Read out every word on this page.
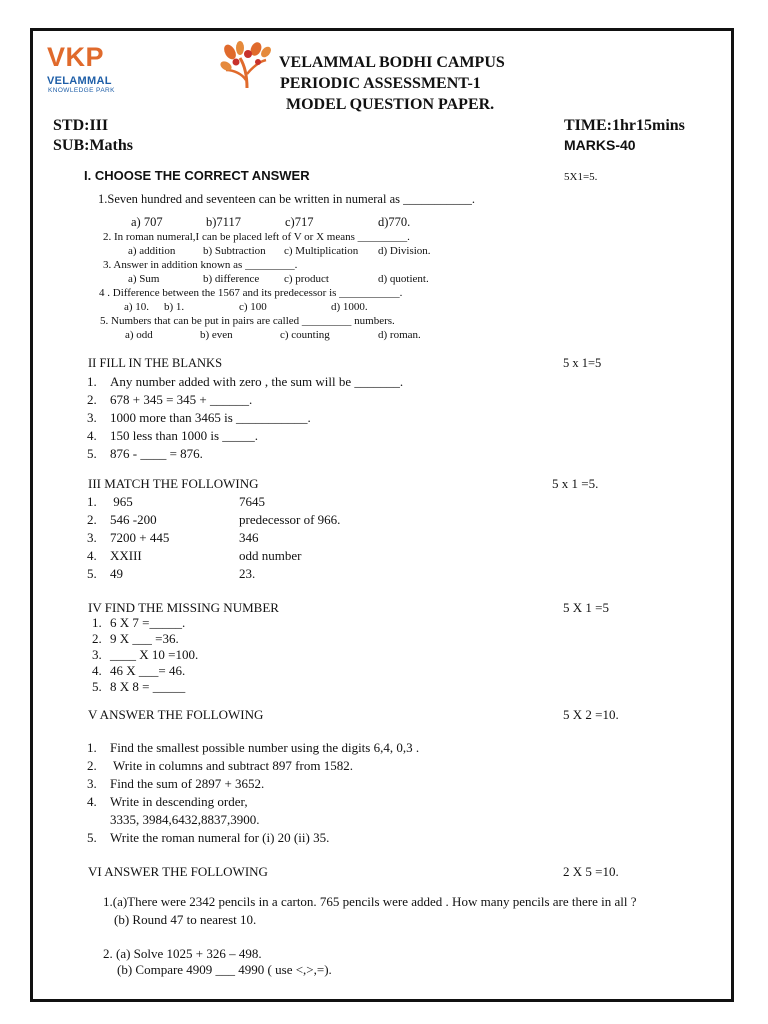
VKP
VELAMMAL
KNOWLEDGE PARK
VELAMMAL BODHI CAMPUS
PERIODIC ASSESSMENT-1
MODEL QUESTION PAPER.
STD:III
SUB:Maths
TIME:1hr15mins
MARKS-40
I. CHOOSE THE CORRECT ANSWER	5X1=5.
1.Seven hundred and seventeen can be written in numeral as ___________.
a) 707	b)7117	c)717	d)770.
2. In roman numeral,I can be placed left of V or X means _________.
a) addition	b) Subtraction c) Multiplication d) Division.
3. Answer in addition known as _________.
a) Sum	b) difference c) product	d) quotient.
4 . Difference between the 1567 and its predecessor is ___________.
a) 10. b) 1.	c) 100	d) 1000.
5. Numbers that can be put in pairs are called _________ numbers.
a) odd	b) even	c) counting	d) roman.
II FILL IN THE BLANKS	5 x 1=5
1. Any number added with zero , the sum will be _______.
2. 678 + 345 = 345 + ______.
3. 1000 more than 3465 is ___________.
4. 150 less than 1000 is _____.
5. 876 - ____ = 876.
III MATCH THE FOLLOWING	5 x 1 =5.
1. 965	7645
2. 546 -200	predecessor of 966.
3. 7200 + 445	346
4. XXIII	odd number
5. 49	23.
IV FIND THE MISSING NUMBER	5 X 1 =5
1. 6 X 7 =_____.
2. 9 X ___ =36.
3. ____ X 10 =100.
4. 46 X ___= 46.
5. 8 X 8 = _____
V ANSWER THE FOLLOWING	5 X 2 =10.
1. Find the smallest possible number using the digits 6,4, 0,3 .
2. Write in columns and subtract 897 from 1582.
3. Find the sum of 2897 + 3652.
4. Write in descending order,
3335, 3984,6432,8837,3900.
5. Write the roman numeral for (i) 20 (ii) 35.
VI ANSWER THE FOLLOWING	2 X 5 =10.
1.(a)There were 2342 pencils in a carton. 765 pencils were added . How many pencils are there in all ?
(b) Round 47 to nearest 10.
2. (a) Solve 1025 + 326 – 498.
(b) Compare 4909 ___ 4990 ( use <,>,=).
